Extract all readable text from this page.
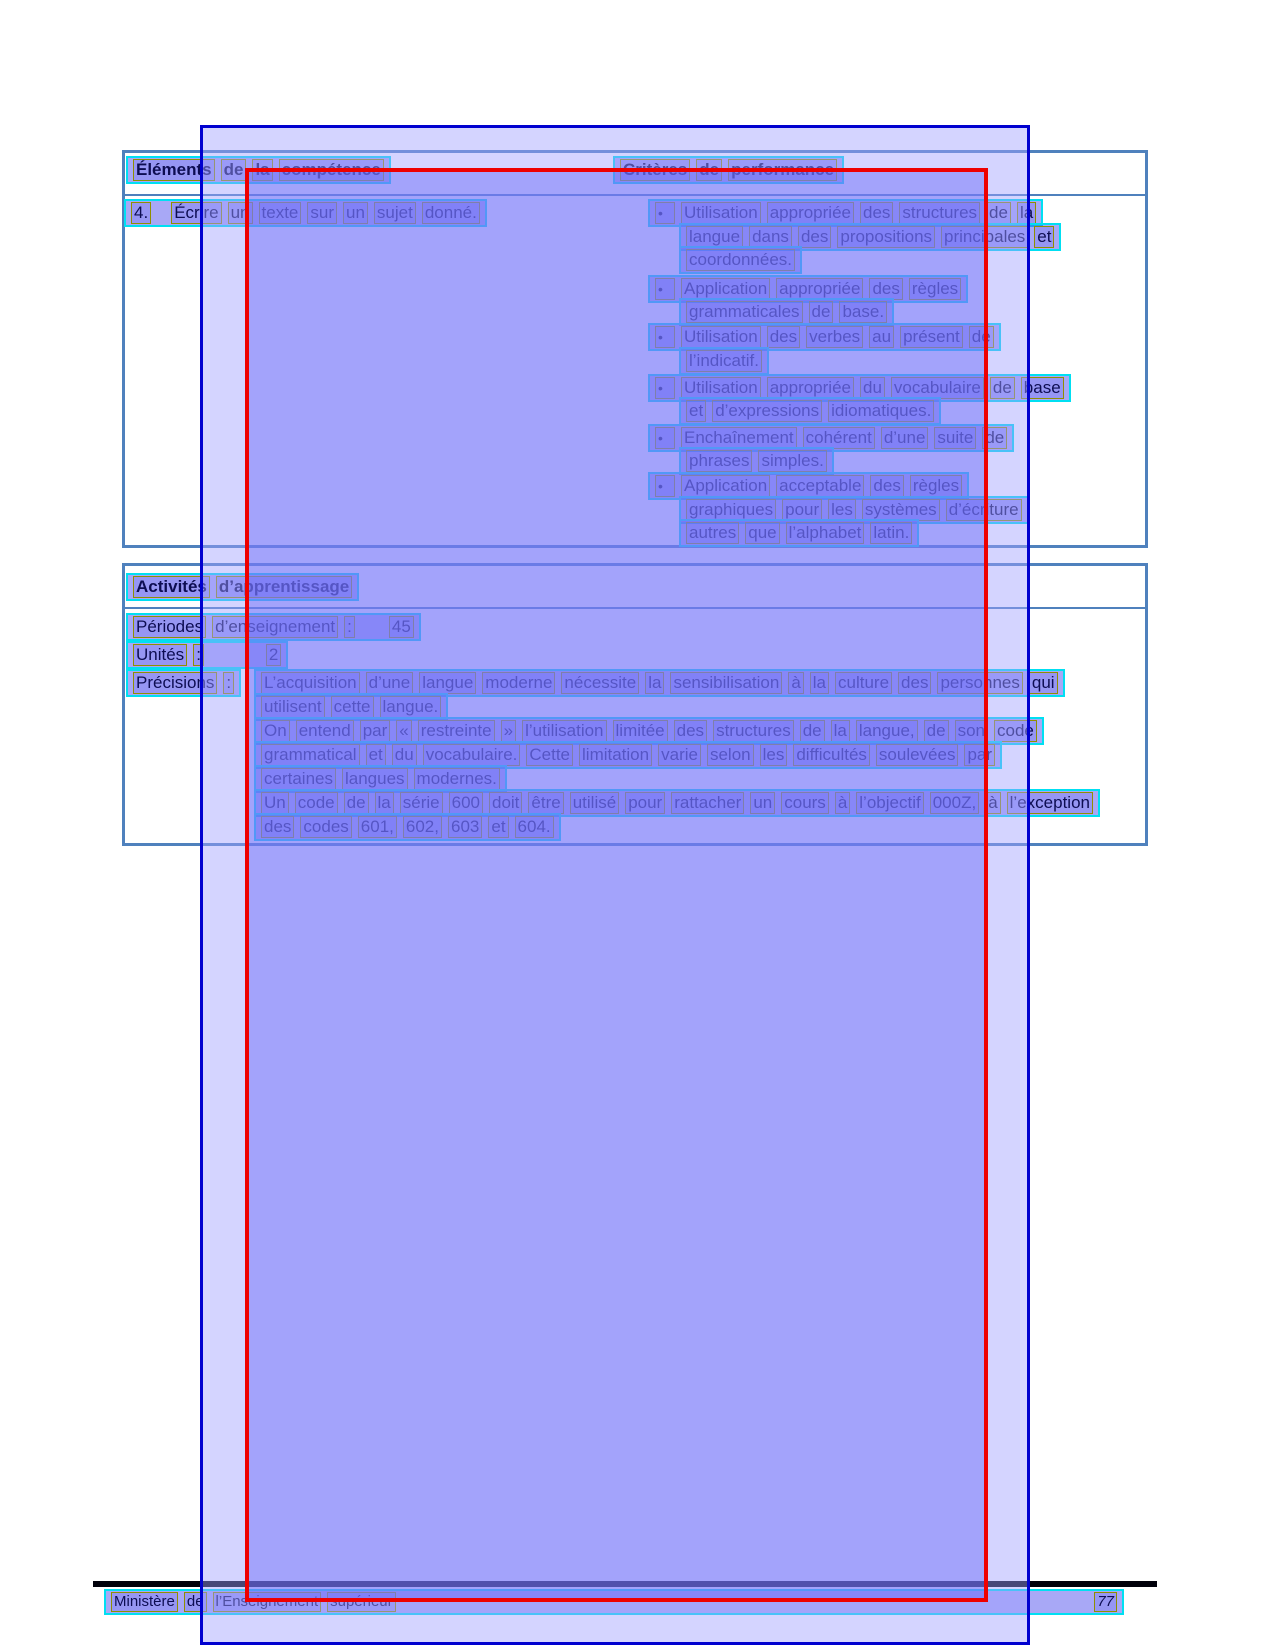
Éléments de la compétence	Critères de performance
4. Écrire un texte sur un sujet donné.	•	Utilisation appropriée des structures de la
langue dans des propositions principales et
coordonnées.
•	Application appropriée des règles
grammaticales de base.
•	Utilisation des verbes au présent de
l’indicatif.
•	Utilisation appropriée du vocabulaire de base
et d’expressions idiomatiques.
•	Enchaînement cohérent d’une suite de
phrases simples.
•	Application acceptable des règles
graphiques pour les systèmes d’écriture
autres que l’alphabet latin.
Activités d’apprentissage
Périodes d’enseignement : 45
Unités :	2
Précisions : L’acquisition d’une langue moderne nécessite la sensibilisation à la culture des personnes qui
utilisent cette langue.
On entend par « restreinte » l’utilisation limitée des structures de la langue, de son code
grammatical et du vocabulaire. Cette limitation varie selon les difficultés soulevées par
certaines langues modernes.
Un code de la série 600 doit être utilisé pour rattacher un cours à l’objectif 000Z, à l’exception
des codes 601, 602, 603 et 604.
Ministère de l’Enseignement supérieur	77
